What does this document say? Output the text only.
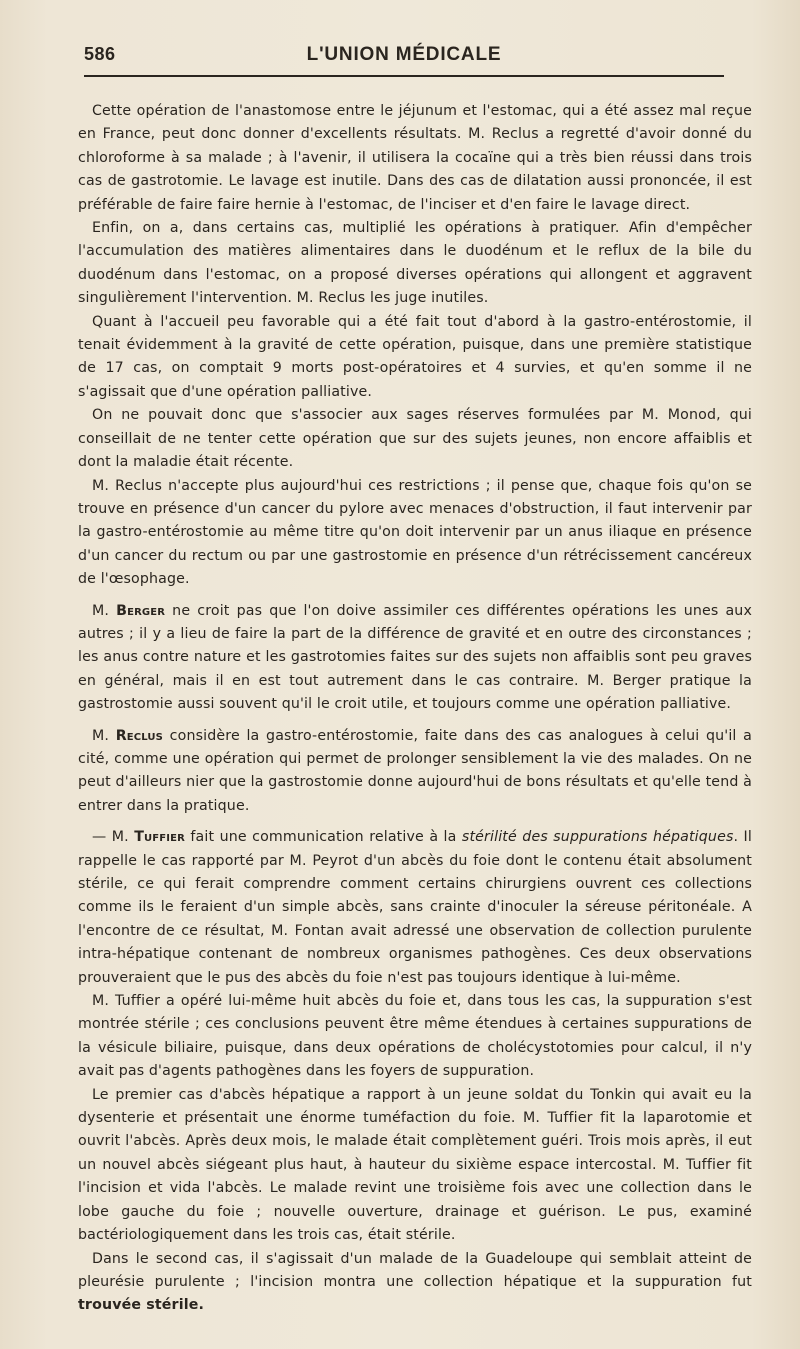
586	L'UNION MÉDICALE

Cette opération de l'anastomose entre le jéjunum et l'estomac, qui a été assez mal reçue en France, peut donc donner d'excellents résultats. M. Reclus a regretté d'avoir donné du chloroforme à sa malade ; à l'avenir, il utilisera la cocaïne qui a très bien réussi dans trois cas de gastrotomie. Le lavage est inutile. Dans des cas de dilatation aussi prononcée, il est préférable de faire faire hernie à l'estomac, de l'inciser et d'en faire le lavage direct.

Enfin, on a, dans certains cas, multiplié les opérations à pratiquer. Afin d'empêcher l'accumulation des matières alimentaires dans le duodénum et le reflux de la bile du duodénum dans l'estomac, on a proposé diverses opérations qui allongent et aggravent singulièrement l'intervention. M. Reclus les juge inutiles.

Quant à l'accueil peu favorable qui a été fait tout d'abord à la gastro-entérostomie, il tenait évidemment à la gravité de cette opération, puisque, dans une première statistique de 17 cas, on comptait 9 morts post-opératoires et 4 survies, et qu'en somme il ne s'agissait que d'une opération palliative.

On ne pouvait donc que s'associer aux sages réserves formulées par M. Monod, qui conseillait de ne tenter cette opération que sur des sujets jeunes, non encore affaiblis et dont la maladie était récente.

M. Reclus n'accepte plus aujourd'hui ces restrictions ; il pense que, chaque fois qu'on se trouve en présence d'un cancer du pylore avec menaces d'obstruction, il faut intervenir par la gastro-entérostomie au même titre qu'on doit intervenir par un anus iliaque en présence d'un cancer du rectum ou par une gastrostomie en présence d'un rétrécissement cancéreux de l'œsophage.

M. Berger ne croit pas que l'on doive assimiler ces différentes opérations les unes aux autres ; il y a lieu de faire la part de la différence de gravité et en outre des circonstances ; les anus contre nature et les gastrotomies faites sur des sujets non affaiblis sont peu graves en général, mais il en est tout autrement dans le cas contraire. M. Berger pratique la gastrostomie aussi souvent qu'il le croit utile, et toujours comme une opération palliative.

M. Reclus considère la gastro-entérostomie, faite dans des cas analogues à celui qu'il a cité, comme une opération qui permet de prolonger sensiblement la vie des malades. On ne peut d'ailleurs nier que la gastrostomie donne aujourd'hui de bons résultats et qu'elle tend à entrer dans la pratique.

— M. Tuffier fait une communication relative à la stérilité des suppurations hépatiques. Il rappelle le cas rapporté par M. Peyrot d'un abcès du foie dont le contenu était absolument stérile, ce qui ferait comprendre comment certains chirurgiens ouvrent ces collections comme ils le feraient d'un simple abcès, sans crainte d'inoculer la séreuse péritonéale. A l'encontre de ce résultat, M. Fontan avait adressé une observation de collection purulente intra-hépatique contenant de nombreux organismes pathogènes. Ces deux observations prouveraient que le pus des abcès du foie n'est pas toujours identique à lui-même.

M. Tuffier a opéré lui-même huit abcès du foie et, dans tous les cas, la suppuration s'est montrée stérile ; ces conclusions peuvent être même étendues à certaines suppurations de la vésicule biliaire, puisque, dans deux opérations de cholécystotomies pour calcul, il n'y avait pas d'agents pathogènes dans les foyers de suppuration.

Le premier cas d'abcès hépatique a rapport à un jeune soldat du Tonkin qui avait eu la dysenterie et présentait une énorme tuméfaction du foie. M. Tuffier fit la laparotomie et ouvrit l'abcès. Après deux mois, le malade était complètement guéri. Trois mois après, il eut un nouvel abcès siégeant plus haut, à hauteur du sixième espace intercostal. M. Tuffier fit l'incision et vida l'abcès. Le malade revint une troisième fois avec une collection dans le lobe gauche du foie ; nouvelle ouverture, drainage et guérison. Le pus, examiné bactériologiquement dans les trois cas, était stérile.

Dans le second cas, il s'agissait d'un malade de la Guadeloupe qui semblait atteint de pleurésie purulente ; l'incision montra une collection hépatique et la suppuration fut trouvée stérile.
